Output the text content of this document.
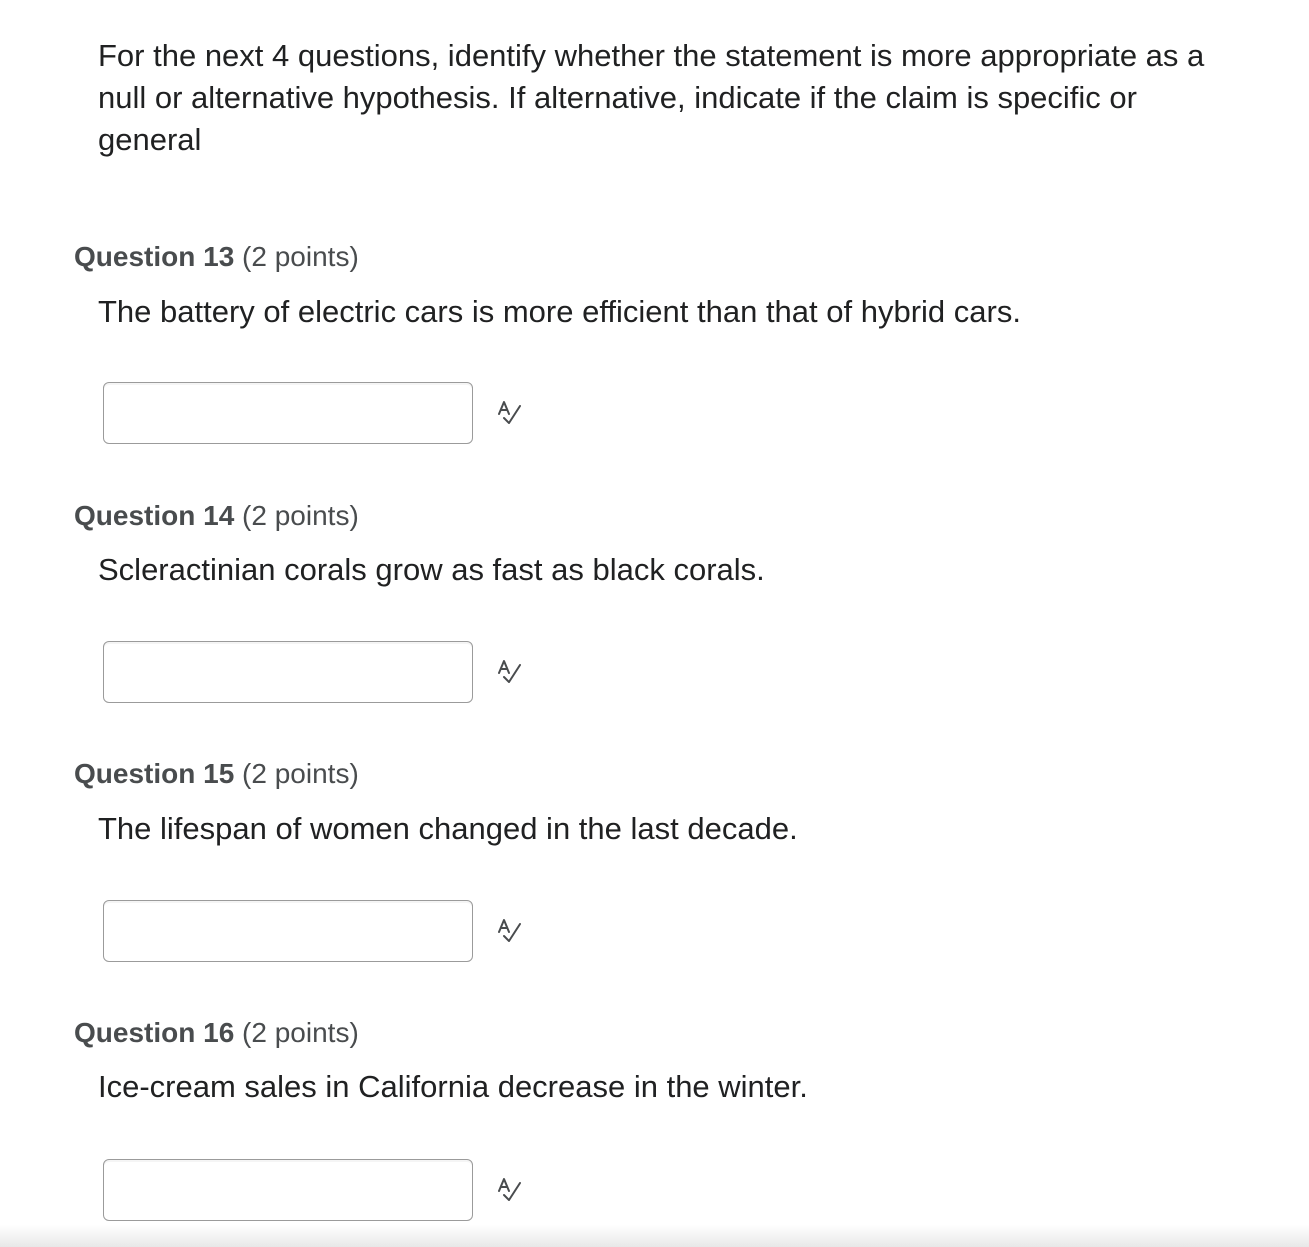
For the next 4 questions, identify whether the statement is more appropriate as a null or alternative hypothesis. If alternative, indicate if the claim is specific or general
Question 13 (2 points)
The battery of electric cars is more efficient than that of hybrid cars.
Question 14 (2 points)
Scleractinian corals grow as fast as black corals.
Question 15 (2 points)
The lifespan of women changed in the last decade.
Question 16 (2 points)
Ice-cream sales in California decrease in the winter.
